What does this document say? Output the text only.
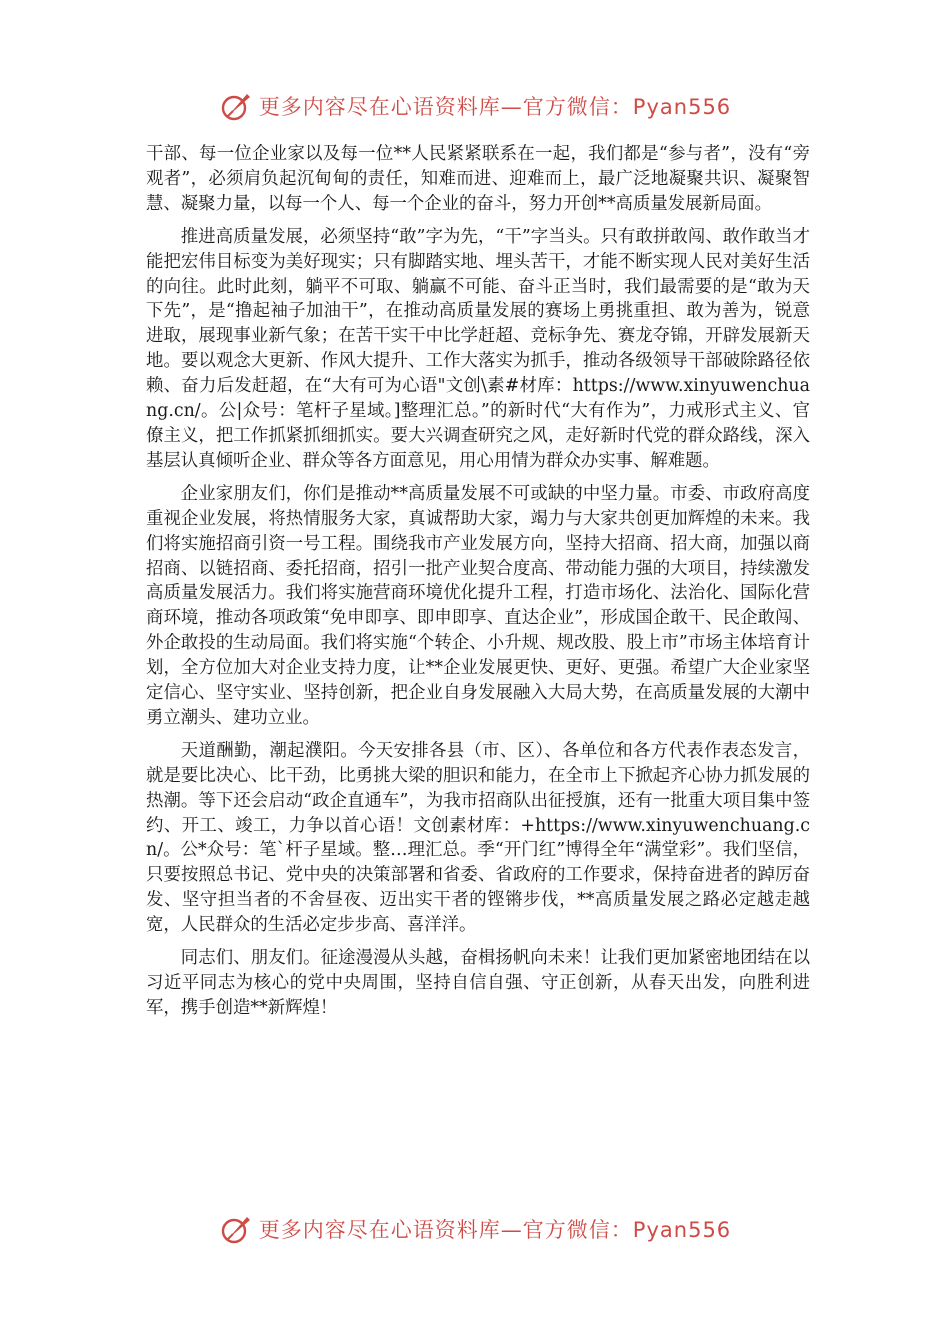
更多内容尽在心语资料库—官方微信：Pyan556

干部、每一位企业家以及每一位**人民紧紧联系在一起，我们都是“参与者”，没有“旁观者”，必须肩负起沉甸甸的责任，知难而进、迎难而上，最广泛地凝聚共识、凝聚智慧、凝聚力量，以每一个人、每一个企业的奋斗，努力开创**高质量发展新局面。

推进高质量发展，必须坚持“敢”字为先，“干”字当头。只有敢拼敢闯、敢作敢当才能把宏伟目标变为美好现实；只有脚踏实地、埋头苦干，才能不断实现人民对美好生活的向往。此时此刻，躺平不可取、躺赢不可能、奋斗正当时，我们最需要的是“敢为天下先”，是“撸起袖子加油干”，在推动高质量发展的赛场上勇挑重担、敢为善为，锐意进取，展现事业新气象；在苦干实干中比学赶超、竞标争先、赛龙夺锦，开辟发展新天地。要以观念大更新、作风大提升、工作大落实为抓手，推动各级领导干部破除路径依赖、奋力后发赶超，在“大有可为心语"文创\素#材库：https://www.xinyuwenchuang.cn/。公|众号：笔杆子星域。]整理汇总。”的新时代“大有作为”，力戒形式主义、官僚主义，把工作抓紧抓细抓实。要大兴调查研究之风，走好新时代党的群众路线，深入基层认真倾听企业、群众等各方面意见，用心用情为群众办实事、解难题。

企业家朋友们，你们是推动**高质量发展不可或缺的中坚力量。市委、市政府高度重视企业发展，将热情服务大家，真诚帮助大家，竭力与大家共创更加辉煌的未来。我们将实施招商引资一号工程。围绕我市产业发展方向，坚持大招商、招大商，加强以商招商、以链招商、委托招商，招引一批产业契合度高、带动能力强的大项目，持续激发高质量发展活力。我们将实施营商环境优化提升工程，打造市场化、法治化、国际化营商环境，推动各项政策“免申即享、即申即享、直达企业”，形成国企敢干、民企敢闯、外企敢投的生动局面。我们将实施“个转企、小升规、规改股、股上市”市场主体培育计划，全方位加大对企业支持力度，让**企业发展更快、更好、更强。希望广大企业家坚定信心、坚守实业、坚持创新，把企业自身发展融入大局大势，在高质量发展的大潮中勇立潮头、建功立业。

天道酬勤，潮起濮阳。今天安排各县（市、区）、各单位和各方代表作表态发言，就是要比决心、比干劲，比勇挑大梁的胆识和能力，在全市上下掀起齐心协力抓发展的热潮。等下还会启动“政企直通车”，为我市招商队出征授旗，还有一批重大项目集中签约、开工、竣工，力争以首心语！文创素材库：+https://www.xinyuwenchuang.cn/。公*众号：笔`杆子星域。整…理汇总。季“开门红”博得全年“满堂彩”。我们坚信，只要按照总书记、党中央的决策部署和省委、省政府的工作要求，保持奋进者的踔厉奋发、坚守担当者的不舍昼夜、迈出实干者的铿锵步伐，**高质量发展之路必定越走越宽，人民群众的生活必定步步高、喜洋洋。

同志们、朋友们。征途漫漫从头越，奋楫扬帆向未来！让我们更加紧密地团结在以习近平同志为核心的党中央周围，坚持自信自强、守正创新，从春天出发，向胜利进军，携手创造**新辉煌！

更多内容尽在心语资料库—官方微信：Pyan556
